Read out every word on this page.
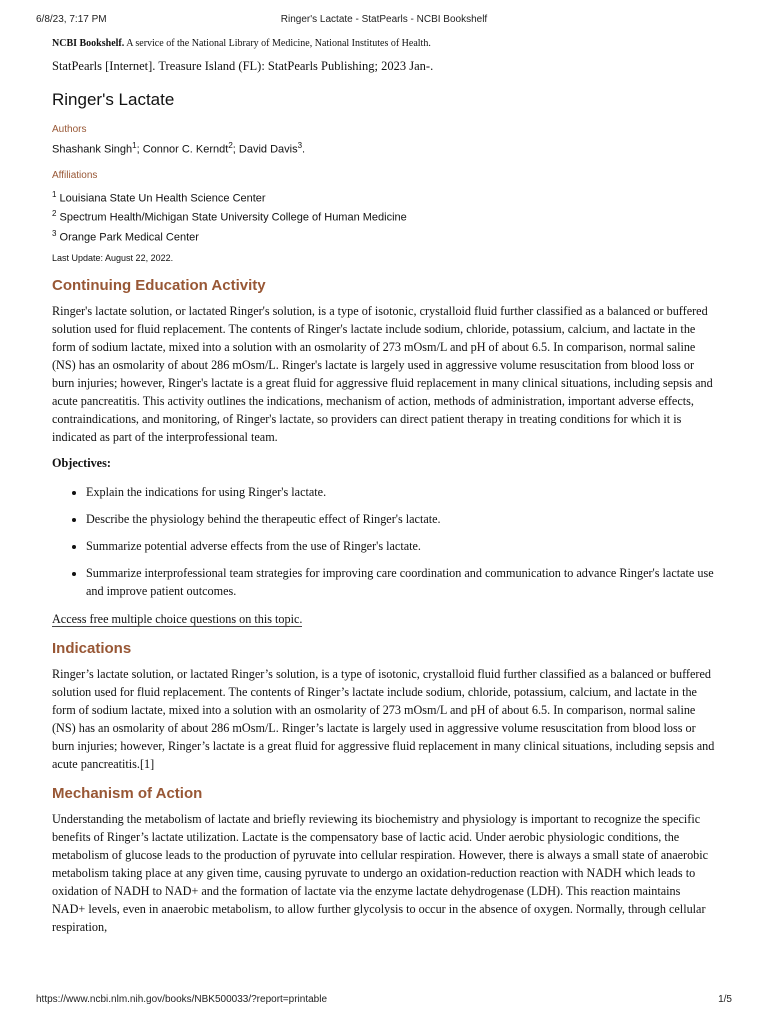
6/8/23, 7:17 PM	Ringer's Lactate - StatPearls - NCBI Bookshelf
NCBI Bookshelf. A service of the National Library of Medicine, National Institutes of Health.
StatPearls [Internet]. Treasure Island (FL): StatPearls Publishing; 2023 Jan-.
Ringer's Lactate
Authors
Shashank Singh$^1$; Connor C. Kerndt$^2$; David Davis$^3$.
Affiliations
$^1$ Louisiana State Un Health Science Center
$^2$ Spectrum Health/Michigan State University College of Human Medicine
$^3$ Orange Park Medical Center
Last Update: August 22, 2022.
Continuing Education Activity

Ringer's lactate solution, or lactated Ringer's solution, is a type of isotonic, crystalloid fluid further classified as a balanced or buffered solution used for fluid replacement. The contents of Ringer's lactate include sodium, chloride, potassium, calcium, and lactate in the form of sodium lactate, mixed into a solution with an osmolarity of 273 mOsm/L and pH of about 6.5. In comparison, normal saline (NS) has an osmolarity of about 286 mOsm/L. Ringer's lactate is largely used in aggressive volume resuscitation from blood loss or burn injuries; however, Ringer's lactate is a great fluid for aggressive fluid replacement in many clinical situations, including sepsis and acute pancreatitis. This activity outlines the indications, mechanism of action, methods of administration, important adverse effects, contraindications, and monitoring, of Ringer's lactate, so providers can direct patient therapy in treating conditions for which it is indicated as part of the interprofessional team.

Objectives:
• Explain the indications for using Ringer's lactate.
• Describe the physiology behind the therapeutic effect of Ringer's lactate.
• Summarize potential adverse effects from the use of Ringer's lactate.
• Summarize interprofessional team strategies for improving care coordination and communication to advance Ringer's lactate use and improve patient outcomes.
Access free multiple choice questions on this topic.
Indications

Ringer’s lactate solution, or lactated Ringer’s solution, is a type of isotonic, crystalloid fluid further classified as a balanced or buffered solution used for fluid replacement. The contents of Ringer’s lactate include sodium, chloride, potassium, calcium, and lactate in the form of sodium lactate, mixed into a solution with an osmolarity of 273 mOsm/L and pH of about 6.5. In comparison, normal saline (NS) has an osmolarity of about 286 mOsm/L. Ringer’s lactate is largely used in aggressive volume resuscitation from blood loss or burn injuries; however, Ringer’s lactate is a great fluid for aggressive fluid replacement in many clinical situations, including sepsis and acute pancreatitis.[1]

Mechanism of Action

Understanding the metabolism of lactate and briefly reviewing its biochemistry and physiology is important to recognize the specific benefits of Ringer’s lactate utilization. Lactate is the compensatory base of lactic acid. Under aerobic physiologic conditions, the metabolism of glucose leads to the production of pyruvate into cellular respiration. However, there is always a small state of anaerobic metabolism taking place at any given time, causing pyruvate to undergo an oxidation-reduction reaction with NADH which leads to oxidation of NADH to NAD+ and the formation of lactate via the enzyme lactate dehydrogenase (LDH). This reaction maintains NAD+ levels, even in anaerobic metabolism, to allow further glycolysis to occur in the absence of oxygen. Normally, through cellular respiration,

https://www.ncbi.nlm.nih.gov/books/NBK500033/?report=printable	1/5
